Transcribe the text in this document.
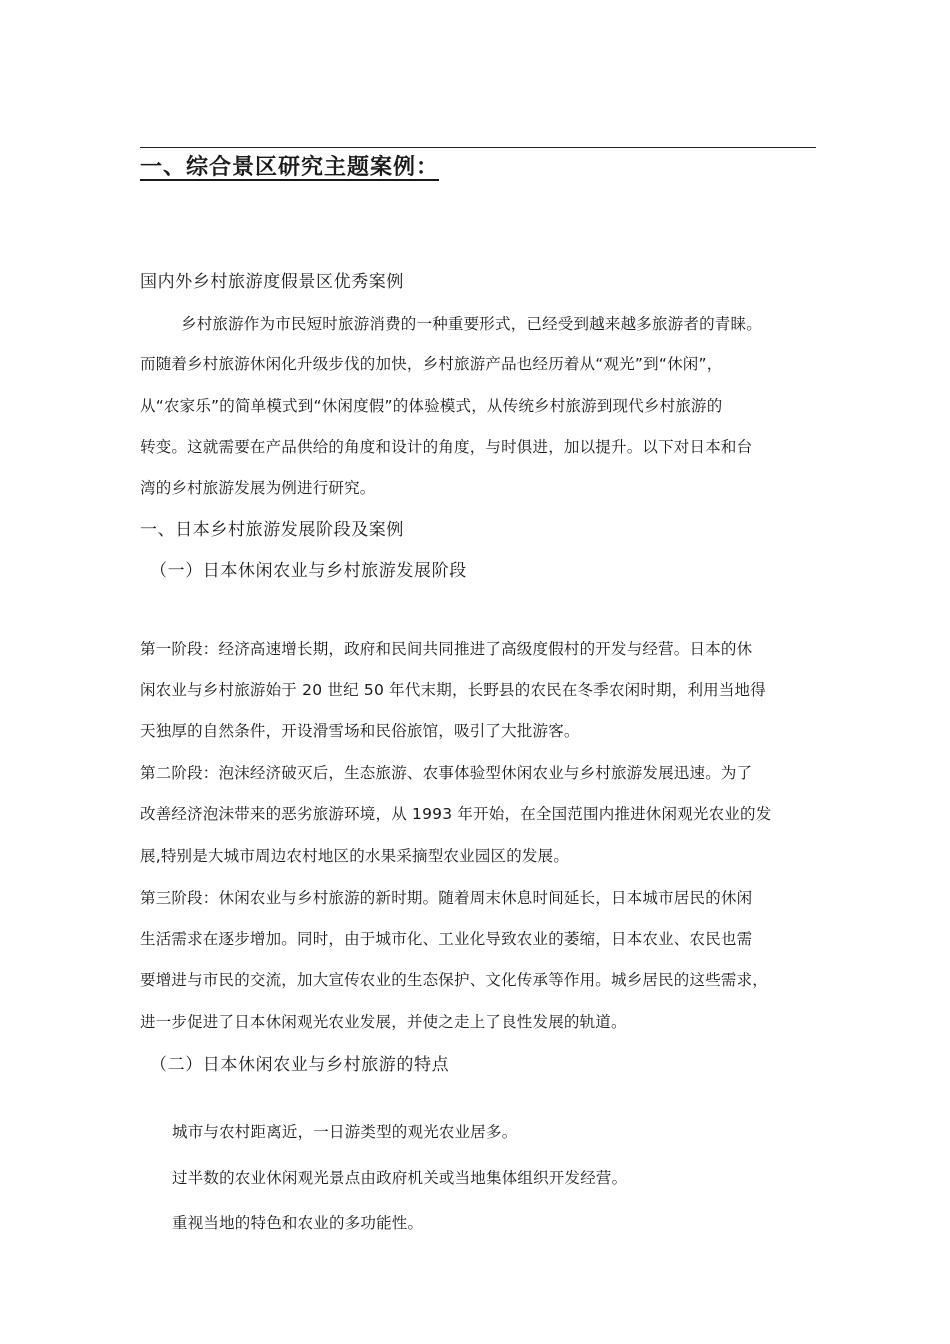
一、综合景区研究主题案例：
国内外乡村旅游度假景区优秀案例
乡村旅游作为市民短时旅游消费的一种重要形式，已经受到越来越多旅游者的青睐。
而随着乡村旅游休闲化升级步伐的加快，乡村旅游产品也经历着从“观光”到“休闲”，
从“农家乐”的简单模式到“休闲度假”的体验模式，从传统乡村旅游到现代乡村旅游的
转变。这就需要在产品供给的角度和设计的角度，与时俱进，加以提升。以下对日本和台
湾的乡村旅游发展为例进行研究。
一、日本乡村旅游发展阶段及案例
（一）日本休闲农业与乡村旅游发展阶段
第一阶段：经济高速增长期，政府和民间共同推进了高级度假村的开发与经营。日本的休
闲农业与乡村旅游始于 20 世纪 50 年代末期，长野县的农民在冬季农闲时期，利用当地得
天独厚的自然条件，开设滑雪场和民俗旅馆，吸引了大批游客。
第二阶段：泡沫经济破灭后，生态旅游、农事体验型休闲农业与乡村旅游发展迅速。为了
改善经济泡沫带来的恶劣旅游环境，从 1993 年开始，在全国范围内推进休闲观光农业的发
展,特别是大城市周边农村地区的水果采摘型农业园区的发展。
第三阶段：休闲农业与乡村旅游的新时期。随着周末休息时间延长，日本城市居民的休闲
生活需求在逐步增加。同时，由于城市化、工业化导致农业的萎缩，日本农业、农民也需
要增进与市民的交流，加大宣传农业的生态保护、文化传承等作用。城乡居民的这些需求，
进一步促进了日本休闲观光农业发展，并使之走上了良性发展的轨道。
（二）日本休闲农业与乡村旅游的特点
城市与农村距离近，一日游类型的观光农业居多。
过半数的农业休闲观光景点由政府机关或当地集体组织开发经营。
重视当地的特色和农业的多功能性。
